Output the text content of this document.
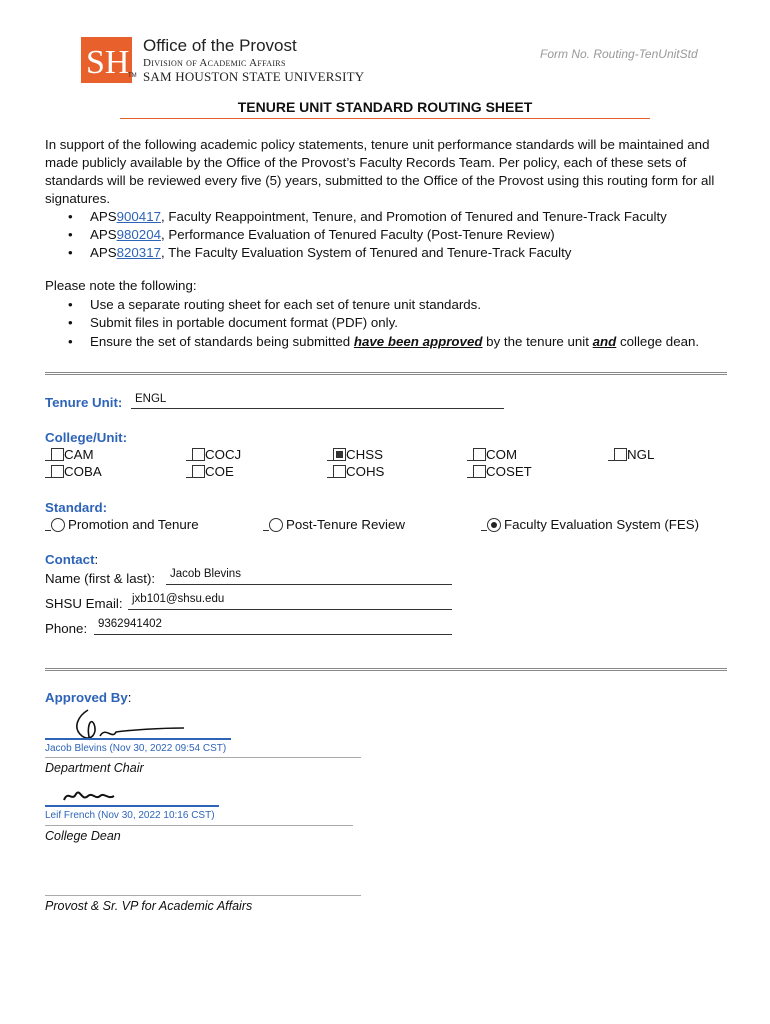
SH Office of the Provost
Division of Academic Affairs
TM SAM HOUSTON STATE UNIVERSITY
Form No. Routing-TenUnitStd
TENURE UNIT STANDARD ROUTING SHEET
In support of the following academic policy statements, tenure unit performance standards will be maintained and made publicly available by the Office of the Provost’s Faculty Records Team. Per policy, each of these sets of standards will be reviewed every five (5) years, submitted to the Office of the Provost using this routing form for all signatures.
•	APS 900417 , Faculty Reappointment, Tenure, and Promotion of Tenured and Tenure-Track Faculty
•	APS 980204 , Performance Evaluation of Tenured Faculty (Post-Tenure Review)
•	APS 820317 , The Faculty Evaluation System of Tenured and Tenure-Track Faculty
Please note the following:
•	Use a separate routing sheet for each set of tenure unit standards.
•	Submit files in portable document format (PDF) only.
•	Ensure the set of standards being submitted have been approved by the tenure unit and college dean.
Tenure Unit:	ENGL
College/Unit:
CAM
COBA
COCJ
COE
CHSS
COHS
COM
COSET
NGL
Standard:
Promotion and Tenure	Post-Tenure Review	Faculty Evaluation System (FES)
Contact:
Name (first & last):	Jacob Blevins
SHSU Email: jxb101@shsu.edu
Phone: 9362941402
Approved By:
Jacob Blevins (Nov 30, 2022 09:54 CST)
Department Chair
Leif French (Nov 30, 2022 10:16 CST)
College Dean
Provost & Sr. VP for Academic Affairs
